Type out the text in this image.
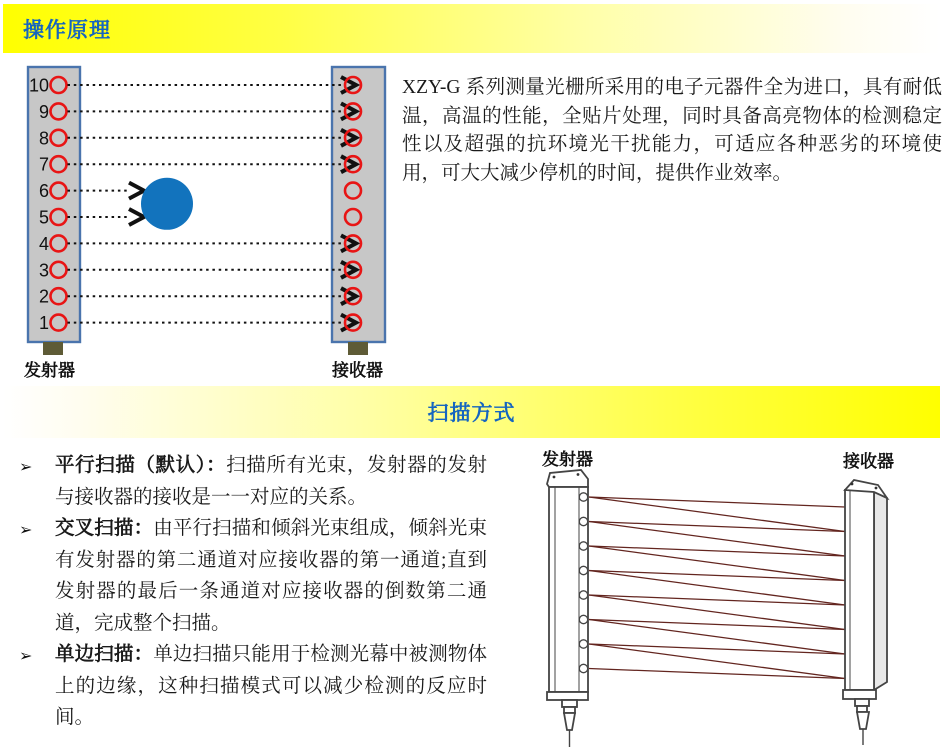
操作原理
10
9
8
7
6
5
4
3
2
1
发射器	接收器
XZY-G 系列测量光栅所采用的电子元器件全为进口，具有耐低温，高温的性能，全贴片处理，同时具备高亮物体的检测稳定性以及超强的抗环境光干扰能力，可适应各种恶劣的环境使用，可大大减少停机的时间，提供作业效率。
扫描方式
➢ 平行扫描（默认）：扫描所有光束，发射器的发射与接收器的接收是一一对应的关系。
➢ 交叉扫描：由平行扫描和倾斜光束组成，倾斜光束有发射器的第二通道对应接收器的第一通道;直到发射器的最后一条通道对应接收器的倒数第二通道，完成整个扫描。
➢ 单边扫描：单边扫描只能用于检测光幕中被测物体上的边缘，这种扫描模式可以减少检测的反应时间。
发射器	接收器
